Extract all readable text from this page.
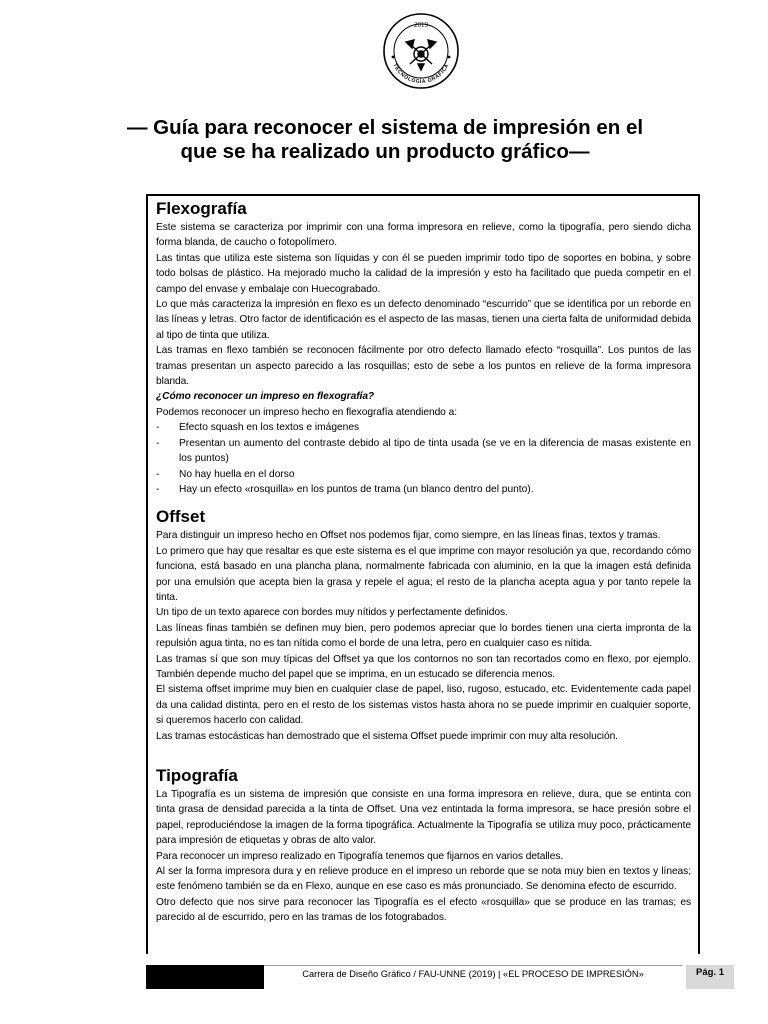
TECNOLOGÍA GRÁFICA
2019
— Guía para reconocer el sistema de impresión en el que se ha realizado un producto gráfico—
Flexografía

Este sistema se caracteriza por imprimir con una forma impresora en relieve, como la tipografía, pero siendo dicha forma blanda, de caucho o fotopolímero.

Las tintas que utiliza este sistema son líquidas y con él se pueden imprimir todo tipo de soportes en bobina, y sobre todo bolsas de plástico. Ha mejorado mucho la calidad de la impresión y esto ha facilitado que pueda competir en el campo del envase y embalaje con Huecograbado.

Lo que más caracteriza la impresión en flexo es un defecto denominado “escurrido” que se identifica por un reborde en las líneas y letras. Otro factor de identificación es el aspecto de las masas, tienen una cierta falta de uniformidad debida al tipo de tinta que utiliza.

Las tramas en flexo también se reconocen fácilmente por otro defecto llamado efecto “rosquilla”. Los puntos de las tramas presentan un aspecto parecido a las rosquillas; esto de sebe a los puntos en relieve de la forma impresora blanda.

¿Cómo reconocer un impreso en flexografía?

Podemos reconocer un impreso hecho en flexografía atendiendo a:

- Efecto squash en los textos e imágenes
- Presentan un aumento del contraste debido al tipo de tinta usada (se ve en la diferencia de masas existente en los puntos)
- No hay huella en el dorso
- Hay un efecto «rosquilla» en los puntos de trama (un blanco dentro del punto).
Offset

Para distinguir un impreso hecho en Offset nos podemos fijar, como siempre, en las líneas finas, textos y tramas.

Lo primero que hay que resaltar es que este sistema es el que imprime con mayor resolución ya que, recordando cómo funciona, está basado en una plancha plana, normalmente fabricada con aluminio, en la que la imagen está definida por una emulsión que acepta bien la grasa y repele el agua; el resto de la plancha acepta agua y por tanto repele la tinta.

Un tipo de un texto aparece con bordes muy nítidos y perfectamente definidos.

Las líneas finas también se definen muy bien, pero podemos apreciar que lo bordes tienen una cierta impronta de la repulsión agua tinta, no es tan nítida como el borde de una letra, pero en cualquier caso es nítida.

Las tramas sí que son muy típicas del Offset ya que los contornos no son tan recortados como en flexo, por ejemplo. También depende mucho del papel que se imprima, en un estucado se diferencia menos.

El sistema offset imprime muy bien en cualquier clase de papel, liso, rugoso, estucado, etc. Evidentemente cada papel da una calidad distinta, pero en el resto de los sistemas vistos hasta ahora no se puede imprimir en cualquier soporte, si queremos hacerlo con calidad.

Las tramas estocásticas han demostrado que el sistema Offset puede imprimir con muy alta resolución.

Tipografía

La Tipografía es un sistema de impresión que consiste en una forma impresora en relieve, dura, que se entinta con tinta grasa de densidad parecida a la tinta de Offset. Una vez entintada la forma impresora, se hace presión sobre el papel, reproduciéndose la imagen de la forma tipográfica. Actualmente la Tipografía se utiliza muy poco, prácticamente para impresión de etiquetas y obras de alto valor.

Para reconocer un impreso realizado en Tipografía tenemos que fijarnos en varios detalles.

Al ser la forma impresora dura y en relieve produce en el impreso un reborde que se nota muy bien en textos y líneas; este fenómeno también se da en Flexo, aunque en ese caso es más pronunciado. Se denomina efecto de escurrido.

Otro defecto que nos sirve para reconocer las Tipografía es el efecto «rosquilla» que se produce en las tramas; es parecido al de escurrido, pero en las tramas de los fotograbados.

Carrera de Diseño Gráfico / FAU-UNNE (2019) | «EL PROCESO DE IMPRESIÓN»	Pág. 1
